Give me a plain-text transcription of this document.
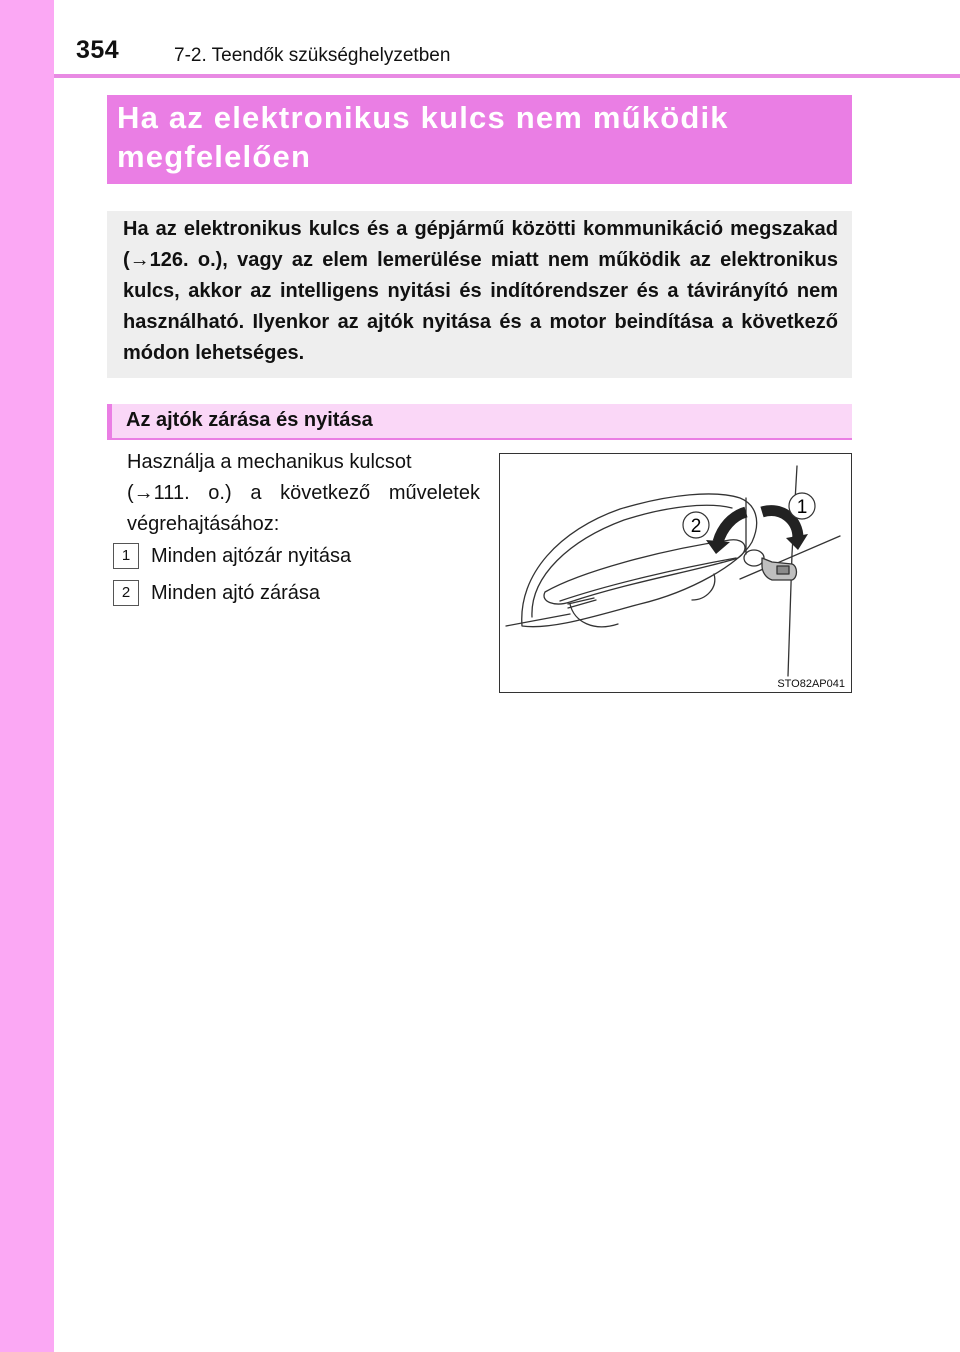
354	7-2. Teendők szükséghelyzetben

Ha az elektronikus kulcs nem működik
megfelelően

Ha az elektronikus kulcs és a gépjármű közötti kommunikáció megszakad (→126. o.), vagy az elem lemerülése miatt nem működik az elektronikus kulcs, akkor az intelligens nyitási és indítórendszer és a távirányító nem használható. Ilyenkor az ajtók nyitása és a motor beindítása a következő módon lehetséges.

Az ajtók zárása és nyitása

Használja a mechanikus kulcsot
(→111. o.) a következő műveletek végrehajtásához:

1 Minden ajtózár nyitása
2 Minden ajtó zárása
1
2
STO82AP041
